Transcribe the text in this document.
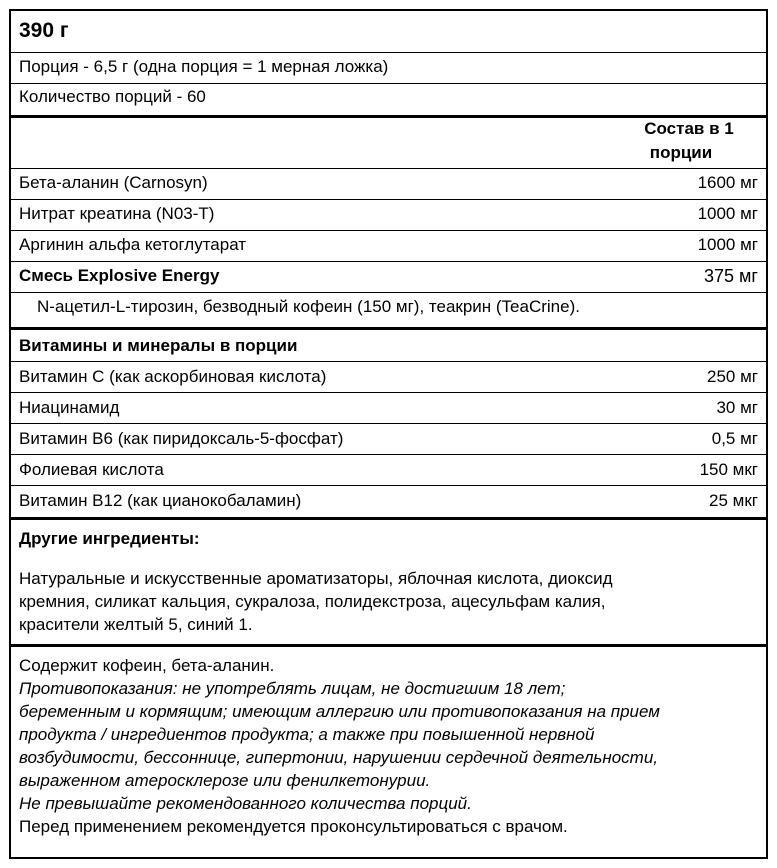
390 г
Порция - 6,5 г (одна порция = 1 мерная ложка)
Количество порций - 60
Состав в 1
порции
Бета-аланин (Carnosyn)	1600 мг
Нитрат креатина (N03-T)	1000 мг
Аргинин альфа кетоглутарат	1000 мг
Смесь Explosive Energy	375 мг
N-ацетил-L-тирозин, безводный кофеин (150 мг), теакрин (TeaCrine).
Витамины и минералы в порции
Витамин С (как аскорбиновая кислота)	250 мг
Ниацинамид	30 мг
Витамин В6 (как пиридоксаль-5-фосфат)	0,5 мг
Фолиевая кислота	150 мкг
Витамин В12 (как цианокобаламин)	25 мкг
Другие ингредиенты:
Натуральные и искусственные ароматизаторы, яблочная кислота, диоксид
кремния, силикат кальция, сукралоза, полидекстроза, ацесульфам калия,
красители желтый 5, синий 1.
Содержит кофеин, бета-аланин.
Противопоказания: не употреблять лицам, не достигшим 18 лет;
беременным и кормящим; имеющим аллергию или противопоказания на прием
продукта / ингредиентов продукта; а также при повышенной нервной
возбудимости, бессоннице, гипертонии, нарушении сердечной деятельности,
выраженном атеросклерозе или фенилкетонурии.
Не превышайте рекомендованного количества порций.
Перед применением рекомендуется проконсультироваться с врачом.
